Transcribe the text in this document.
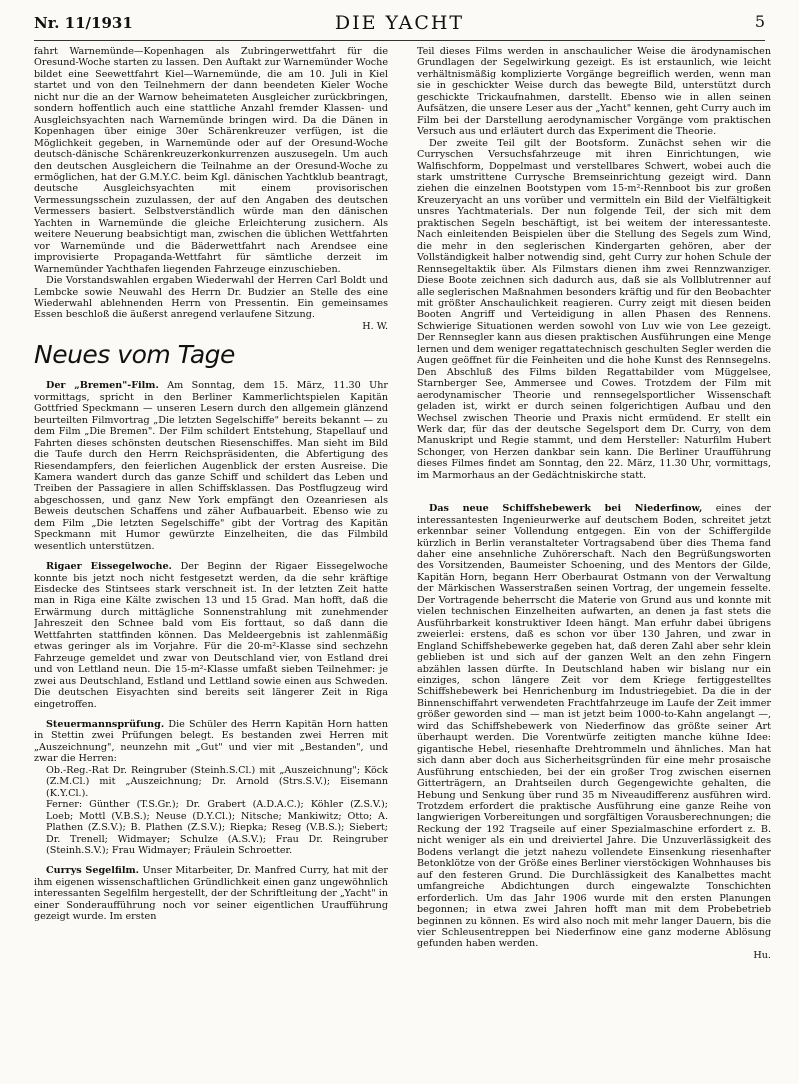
Nr. 11/1931	DIE YACHT	5

fahrt Warnemünde—Kopenhagen als Zubringerwettfahrt für die Oresund-Woche starten zu lassen. Den Auftakt zur Warnemünder Woche bildet eine Seewettfahrt Kiel—Warnemünde, die am 10. Juli in Kiel startet und von den Teilnehmern der dann beendeten Kieler Woche nicht nur die an der Warnow beheimateten Ausgleicher zurückbringen, sondern hoffentlich auch eine stattliche Anzahl fremder Klassen- und Ausgleichsyachten nach Warnemünde bringen wird. Da die Dänen in Kopenhagen über einige 30er Schärenkreuzer verfügen, ist die Möglichkeit gegeben, in Warnemünde oder auf der Oresund-Woche deutsch-dänische Schärenkreuzerkonkurrenzen auszusegeln. Um auch den deutschen Ausgleichern die Teilnahme an der Oresund-Woche zu ermöglichen, hat der G.M.Y.C. beim Kgl. dänischen Yachtklub beantragt, deutsche Ausgleichsyachten mit einem provisorischen Vermessungsschein zuzulassen, der auf den Angaben des deutschen Vermessers basiert. Selbstverständlich würde man den dänischen Yachten in Warnemünde die gleiche Erleichterung zusichern. Als weitere Neuerung beabsichtigt man, zwischen die üblichen Wettfahrten vor Warnemünde und die Bäderwettfahrt nach Arendsee eine improvisierte Propaganda-Wettfahrt für sämtliche derzeit im Warnemünder Yachthafen liegenden Fahrzeuge einzuschieben.

Die Vorstandswahlen ergaben Wiederwahl der Herren Carl Boldt und Lembcke sowie Neuwahl des Herrn Dr. Budzier an Stelle des eine Wiederwahl ablehnenden Herrn von Pressentin. Ein gemeinsames Essen beschloß die äußerst anregend verlaufene Sitzung.

H. W.

Neues vom Tage

Der „Bremen"-Film. Am Sonntag, dem 15. März, 11.30 Uhr vormittags, spricht in den Berliner Kammerlichtspielen Kapitän Gottfried Speckmann — unseren Lesern durch den allgemein glänzend beurteilten Filmvortrag „Die letzten Segelschiffe" bereits bekannt — zu dem Film „Die Bremen". Der Film schildert Entstehung, Stapellauf und Fahrten dieses schönsten deutschen Riesenschiffes. Man sieht im Bild die Taufe durch den Herrn Reichspräsidenten, die Abfertigung des Riesendampfers, den feierlichen Augenblick der ersten Ausreise. Die Kamera wandert durch das ganze Schiff und schildert das Leben und Treiben der Passagiere in allen Schiffsklassen. Das Postflugzeug wird abgeschossen, und ganz New York empfängt den Ozeanriesen als Beweis deutschen Schaffens und zäher Aufbauarbeit. Ebenso wie zu dem Film „Die letzten Segelschiffe" gibt der Vortrag des Kapitän Speckmann mit Humor gewürzte Einzelheiten, die das Filmbild wesentlich unterstützen.

Rigaer Eissegelwoche. Der Beginn der Rigaer Eissegelwoche konnte bis jetzt noch nicht festgesetzt werden, da die sehr kräftige Eisdecke des Stintsees stark verschneit ist. In der letzten Zeit hatte man in Riga eine Kälte zwischen 13 und 15 Grad. Man hofft, daß die Erwärmung durch mittägliche Sonnenstrahlung mit zunehmender Jahreszeit den Schnee bald vom Eis forttaut, so daß dann die Wettfahrten stattfinden können. Das Meldeergebnis ist zahlenmäßig etwas geringer als im Vorjahre. Für die 20-m²-Klasse sind sechzehn Fahrzeuge gemeldet und zwar von Deutschland vier, von Estland drei und von Lettland neun. Die 15-m²-Klasse umfaßt sieben Teilnehmer: je zwei aus Deutschland, Estland und Lettland sowie einen aus Schweden. Die deutschen Eisyachten sind bereits seit längerer Zeit in Riga eingetroffen.

Steuermannsprüfung. Die Schüler des Herrn Kapitän Horn hatten in Stettin zwei Prüfungen belegt. Es bestanden zwei Herren mit „Auszeichnung", neunzehn mit „Gut" und vier mit „Bestanden", und zwar die Herren:

Ob.-Reg.-Rat Dr. Reingruber (Steinh.S.Cl.) mit „Auszeichnung"; Köck (Z.M.Cl.) mit „Auszeichnung; Dr. Arnold (Strs.S.V.); Eisemann (K.Y.Cl.).

Ferner: Günther (T.S.Gr.); Dr. Grabert (A.D.A.C.); Köhler (Z.S.V.); Loeb; Mottl (V.B.S.); Neuse (D.Y.Cl.); Nitsche; Mankiwitz; Otto; A. Plathen (Z.S.V.); B. Plathen (Z.S.V.); Riepka; Reseg (V.B.S.); Siebert; Dr. Trenell; Widmayer; Schulze (A.S.V.); Frau Dr. Reingruber (Steinh.S.V.); Frau Widmayer; Fräulein Schroetter.

Currys Segelfilm. Unser Mitarbeiter, Dr. Manfred Curry, hat mit der ihm eigenen wissenschaftlichen Gründlichkeit einen ganz ungewöhnlich interessanten Segelfilm hergestellt, der der Schriftleitung der „Yacht" in einer Sonderaufführung noch vor seiner eigentlichen Uraufführung gezeigt wurde. Im ersten

Teil dieses Films werden in anschaulicher Weise die ärodynamischen Grundlagen der Segelwirkung gezeigt. Es ist erstaunlich, wie leicht verhältnismäßig komplizierte Vorgänge begreiflich werden, wenn man sie in geschickter Weise durch das bewegte Bild, unterstützt durch geschickte Trickaufnahmen, darstellt. Ebenso wie in allen seinen Aufsätzen, die unsere Leser aus der „Yacht" kennen, geht Curry auch im Film bei der Darstellung aerodynamischer Vorgänge vom praktischen Versuch aus und erläutert durch das Experiment die Theorie.

Der zweite Teil gilt der Bootsform. Zunächst sehen wir die Curryschen Versuchsfahrzeuge mit ihren Einrichtungen, wie Walfischform, Doppelmast und verstellbares Schwert, wobei auch die stark umstrittene Currysche Bremseinrichtung gezeigt wird. Dann ziehen die einzelnen Bootstypen vom 15-m²-Rennboot bis zur großen Kreuzeryacht an uns vorüber und vermitteln ein Bild der Vielfältigkeit unsres Yachtmaterials. Der nun folgende Teil, der sich mit dem praktischen Segeln beschäftigt, ist bei weitem der interessanteste. Nach einleitenden Beispielen über die Stellung des Segels zum Wind, die mehr in den seglerischen Kindergarten gehören, aber der Vollständigkeit halber notwendig sind, geht Curry zur hohen Schule der Rennsegeltaktik über. Als Filmstars dienen ihm zwei Rennzwanziger. Diese Boote zeichnen sich dadurch aus, daß sie als Vollblutrenner auf alle seglerischen Maßnahmen besonders kräftig und für den Beobachter mit größter Anschaulichkeit reagieren. Curry zeigt mit diesen beiden Booten Angriff und Verteidigung in allen Phasen des Rennens. Schwierige Situationen werden sowohl von Luv wie von Lee gezeigt. Der Rennsegler kann aus diesen praktischen Ausführungen eine Menge lernen und dem weniger regattatechnisch geschulten Segler werden die Augen geöffnet für die Feinheiten und die hohe Kunst des Rennsegelns. Den Abschluß des Films bilden Regattabilder vom Müggelsee, Starnberger See, Ammersee und Cowes. Trotzdem der Film mit aerodynamischer Theorie und rennsegelsportlicher Wissenschaft geladen ist, wirkt er durch seinen folgerichtigen Aufbau und den Wechsel zwischen Theorie und Praxis nicht ermüdend. Er stellt ein Werk dar, für das der deutsche Segelsport dem Dr. Curry, von dem Manuskript und Regie stammt, und dem Hersteller: Naturfilm Hubert Schonger, von Herzen dankbar sein kann. Die Berliner Uraufführung dieses Filmes findet am Sonntag, den 22. März, 11.30 Uhr, vormittags, im Marmorhaus an der Gedächtniskirche statt.

Das neue Schiffshebewerk bei Niederfinow, eines der interessantesten Ingenieurwerke auf deutschem Boden, schreitet jetzt erkennbar seiner Vollendung entgegen. Ein von der Schiffergilde kürzlich in Berlin veranstalteter Vortragsabend über dies Thema fand daher eine ansehnliche Zuhörerschaft. Nach den Begrüßungsworten des Vorsitzenden, Baumeister Schoening, und des Mentors der Gilde, Kapitän Horn, begann Herr Oberbaurat Ostmann von der Verwaltung der Märkischen Wasserstraßen seinen Vortrag, der ungemein fesselte. Der Vortragende beherrscht die Materie von Grund aus und konnte mit vielen technischen Einzelheiten aufwarten, an denen ja fast stets die Ausführbarkeit konstruktiver Ideen hängt. Man erfuhr dabei übrigens zweierlei: erstens, daß es schon vor über 130 Jahren, und zwar in England Schiffshebewerke gegeben hat, daß deren Zahl aber sehr klein geblieben ist und sich auf der ganzen Welt an den zehn Fingern abzählen lassen dürfte. In Deutschland haben wir bislang nur ein einziges, schon längere Zeit vor dem Kriege fertiggestelltes Schiffshebewerk bei Henrichenburg im Industriegebiet. Da die in der Binnenschiffahrt verwendeten Frachtfahrzeuge im Laufe der Zeit immer größer geworden sind — man ist jetzt beim 1000-to-Kahn angelangt —, wird das Schiffshebewerk von Niederfinow das größte seiner Art überhaupt werden. Die Vorentwürfe zeitigten manche kühne Idee: gigantische Hebel, riesenhafte Drehtrommeln und ähnliches. Man hat sich dann aber doch aus Sicherheitsgründen für eine mehr prosaische Ausführung entschieden, bei der ein großer Trog zwischen eisernen Gitterträgern, an Drahtseilen durch Gegengewichte gehalten, die Hebung und Senkung über rund 35 m Niveaudifferenz ausführen wird. Trotzdem erfordert die praktische Ausführung eine ganze Reihe von langwierigen Vorbereitungen und sorgfältigen Vorausberechnungen; die Reckung der 192 Tragseile auf einer Spezialmaschine erfordert z. B. nicht weniger als ein und dreiviertel Jahre. Die Unzuverlässigkeit des Bodens verlangt die jetzt nahezu vollendete Einsenkung riesenhafter Betonklötze von der Größe eines Berliner vierstöckigen Wohnhauses bis auf den festeren Grund. Die Durchlässigkeit des Kanalbettes macht umfangreiche Abdichtungen durch eingewalzte Tonschichten erforderlich. Um das Jahr 1906 wurde mit den ersten Planungen begonnen; in etwa zwei Jahren hofft man mit dem Probebetrieb beginnen zu können. Es wird also noch mit mehr langer Dauern, bis die vier Schleusentreppen bei Niederfinow eine ganz moderne Ablösung gefunden haben werden.

Hu.
